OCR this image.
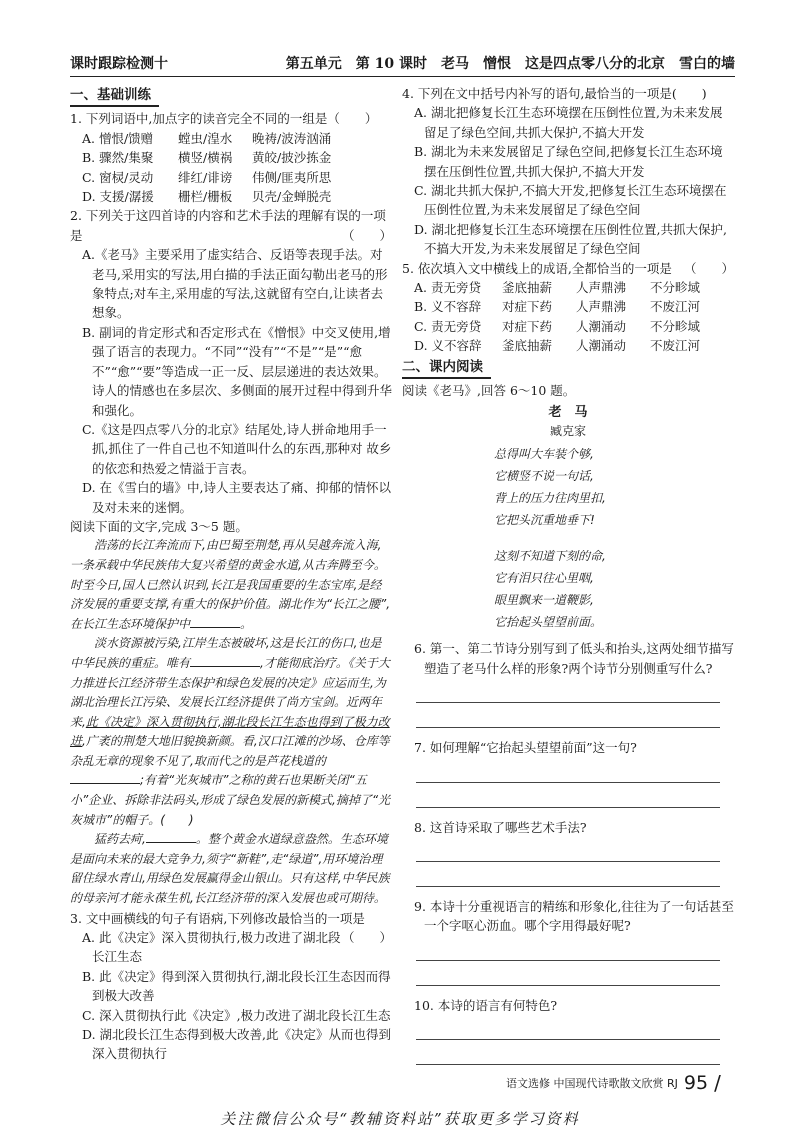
课时跟踪检测十	第五单元　第 10 课时　老马　憎恨　这是四点零八分的北京　雪白的墙
一、基础训练

1. 下列词语中,加点字的读音完全不同的一组是（　　）

A. 憎恨/馈赠	螳虫/湟水	晚祷/波涛汹涌
B. 骤然/集聚	横竖/横祸	黄皎/披沙拣金
C. 窗棂/灵动	绯红/诽谤	伟侧/匪夷所思
D. 支援/潺援	栅栏/栅板	贝壳/金蝉脱壳

2. 下列关于这四首诗的内容和艺术手法的理解有误的一项是	（　　）

A.《老马》主要采用了虚实结合、反语等表现手法。对老马,采用实的写法,用白描的手法正面勾勒出老马的形象特点;对车主,采用虚的写法,这就留有空白,让读者去想象。

B. 副词的肯定形式和否定形式在《憎恨》中交叉使用,增强了语言的表现力。“不同”“没有”“不是”“是”“愈不”“愈”“要”等造成一正一反、层层递进的表达效果。诗人的情感也在多层次、多侧面的展开过程中得到升华和强化。

C.《这是四点零八分的北京》结尾处,诗人拼命地用手一抓,抓住了一件自己也不知道叫什么的东西,那种对 故乡的依恋和热爱之情溢于言表。

D. 在《雪白的墙》中,诗人主要表达了痛、抑郁的情怀以及对未来的迷惘。

阅读下面的文字,完成 3～5 题。

浩荡的长江奔流而下,由巴蜀至荆楚,再从吴越奔流入海,一条承载中华民族伟大复兴希望的黄金水道,从古奔腾至今。时至今日,国人已然认识到,长江是我国重要的生态宝库,是经济发展的重要支撑,有重大的保护价值。湖北作为“长江之腰”,在长江生态环境保护中	。

淡水资源被污染,江岸生态被破坏,这是长江的伤口,也是中华民族的重症。唯有	,才能彻底治疗。《关于大力推进长江经济带生态保护和绿色发展的决定》应运而生,为湖北治理长江污染、发展长江经济提供了尚方宝剑。近两年来,此《决定》深入贯彻执行,湖北段长江生态也得到了极力改进,广袤的荆楚大地旧貌换新颜。看,汉口江滩的沙场、仓库等杂乱无章的现象不见了,取而代之的是芦花栈道的;有着“光灰城市”之称的黄石也果断关闭“五小”企业、拆除非法码头,形成了绿色发展的新模式,摘掉了“光灰城市”的帽子。(　　)

猛药去疴,	。整个黄金水道绿意盎然。生态环境是面向未来的最大竞争力,须字“新鞋”,走“绿道”,用环境治理留住绿水青山,用绿色发展赢得金山银山。只有这样,中华民族的母亲河才能永葆生机,长江经济带的深入发展也或可期待。

3. 文中画横线的句子有语病,下列修改最恰当的一项是
（　　）

A. 此《决定》深入贯彻执行,极力改进了湖北段长江生态

B. 此《决定》得到深入贯彻执行,湖北段长江生态因而得到极大改善

C. 深入贯彻执行此《决定》,极力改进了湖北段长江生态

D. 湖北段长江生态得到极大改善,此《决定》从而也得到深入贯彻执行

4. 下列在文中括号内补写的语句,最恰当的一项是(　　)

A. 湖北把修复长江生态环境摆在压倒性位置,为未来发展留足了绿色空间,共抓大保护,不搞大开发

B. 湖北为未来发展留足了绿色空间,把修复长江生态环境摆在压倒性位置,共抓大保护,不搞大开发

C. 湖北共抓大保护,不搞大开发,把修复长江生态环境摆在压倒性位置,为未来发展留足了绿色空间

D. 湖北把修复长江生态环境摆在压倒性位置,共抓大保护,不搞大开发,为未来发展留足了绿色空间

5. 依次填入文中横线上的成语,全都恰当的一项是 （　　）

A. 责无旁贷	釜底抽薪	人声鼎沸	不分畛域
B. 义不容辞	对症下药	人声鼎沸	不废江河
C. 责无旁贷	对症下药	人潮涌动	不分畛域
D. 义不容辞	釜底抽薪	人潮涌动	不废江河
二、课内阅读

阅读《老马》,回答 6～10 题。

老　马
臧克家
总得叫大车装个够,
它横竖不说一句话,
背上的压力往肉里扣,
它把头沉重地垂下!
这刻不知道下刻的命,
它有泪只往心里咽,
眼里飘来一道鞭影,
它抬起头望望前面。

6. 第一、第二节诗分别写到了低头和抬头,这两处细节描写塑造了老马什么样的形象?两个诗节分别侧重写什么?

7. 如何理解“它抬起头望望前面”这一句?

8. 这首诗采取了哪些艺术手法?

9. 本诗十分重视语言的精练和形象化,往往为了一句话甚至一个字呕心沥血。哪个字用得最好呢?

10. 本诗的语言有何特色?

语文选修 中国现代诗歌散文欣赏 RJ 95 /
关注微信公众号“教辅资料站”获取更多学习资料
